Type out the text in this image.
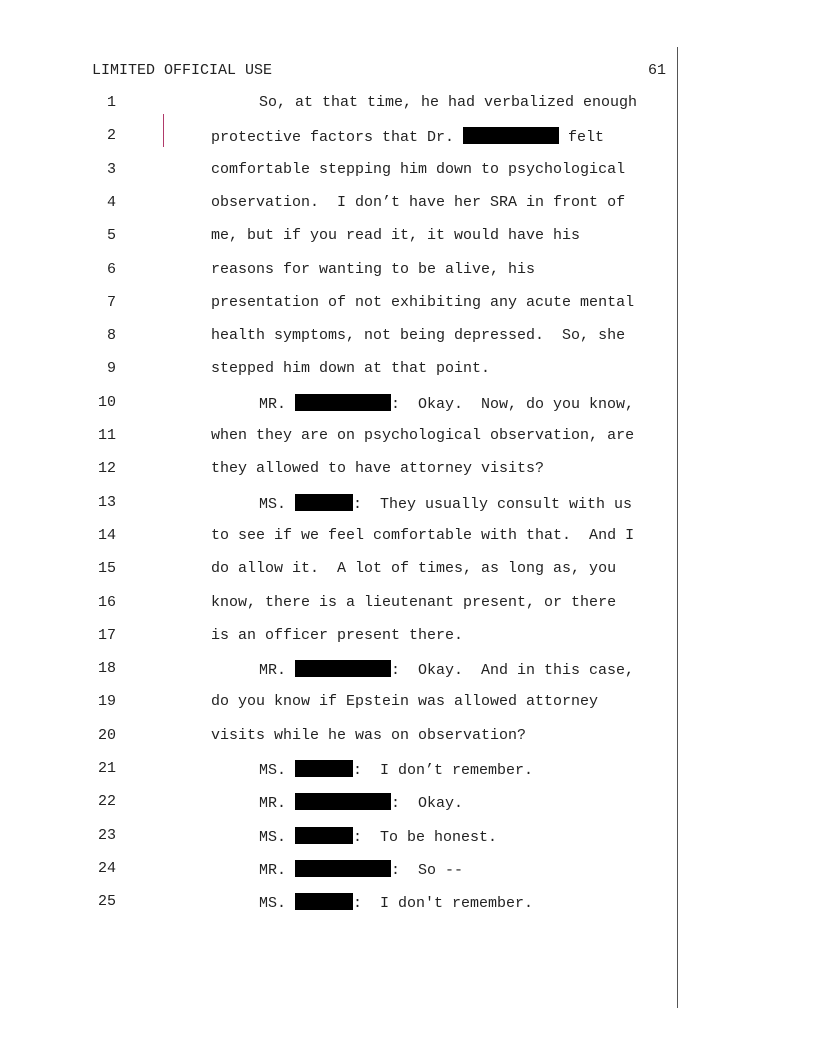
LIMITED OFFICIAL USE	61
1	So, at that time, he had verbalized enough
2	protective factors that Dr.	felt
3	comfortable stepping him down to psychological
4	observation.  I don’t have her SRA in front of
5	me, but if you read it, it would have his
6	reasons for wanting to be alive, his
7	presentation of not exhibiting any acute mental
8	health symptoms, not being depressed.  So, she
9	stepped him down at that point.
10	MR.	:  Okay.  Now, do you know,
11	when they are on psychological observation, are
12	they allowed to have attorney visits?
13	MS.	:  They usually consult with us
14	to see if we feel comfortable with that.  And I
15	do allow it.  A lot of times, as long as, you
16	know, there is a lieutenant present, or there
17	is an officer present there.
18	MR.	:  Okay.  And in this case,
19	do you know if Epstein was allowed attorney
20	visits while he was on observation?
21	MS.	:  I don’t remember.
22	MR.	:  Okay.
23	MS.	:  To be honest.
24	MR.	:  So --
25	MS.	:  I don't remember.
